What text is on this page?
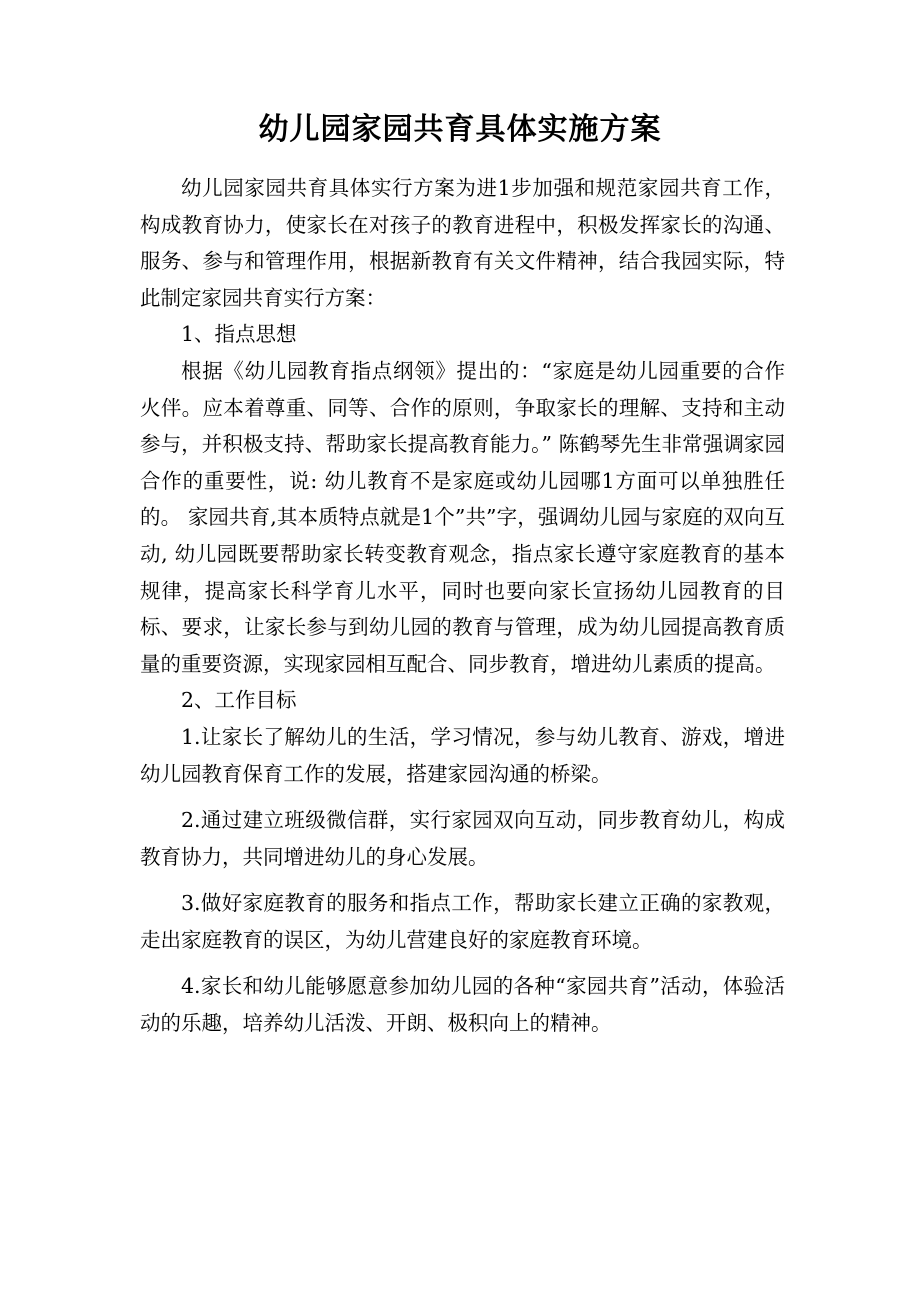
幼儿园家园共育具体实施方案

幼儿园家园共育具体实行方案为进1步加强和规范家园共育工作，构成教育协力，使家长在对孩子的教育进程中，积极发挥家长的沟通、服务、参与和管理作用，根据新教育有关文件精神，结合我园实际，特此制定家园共育实行方案：

1、指点思想

根据《幼儿园教育指点纲领》提出的：“家庭是幼儿园重要的合作火伴。应本着尊重、同等、合作的原则，争取家长的理解、支持和主动参与，并积极支持、帮助家长提高教育能力。” 陈鹤琴先生非常强调家园合作的重要性，说: 幼儿教育不是家庭或幼儿园哪1方面可以单独胜任的。 家园共育,其本质特点就是1个”共”字，强调幼儿园与家庭的双向互动, 幼儿园既要帮助家长转变教育观念，指点家长遵守家庭教育的基本规律，提高家长科学育儿水平，同时也要向家长宣扬幼儿园教育的目标、要求，让家长参与到幼儿园的教育与管理，成为幼儿园提高教育质量的重要资源，实现家园相互配合、同步教育，增进幼儿素质的提高。

2、工作目标

1.让家长了解幼儿的生活，学习情况，参与幼儿教育、游戏，增进幼儿园教育保育工作的发展，搭建家园沟通的桥梁。

2.通过建立班级微信群，实行家园双向互动，同步教育幼儿，构成教育协力，共同增进幼儿的身心发展。

3.做好家庭教育的服务和指点工作，帮助家长建立正确的家教观，走出家庭教育的误区，为幼儿营建良好的家庭教育环境。

4.家长和幼儿能够愿意参加幼儿园的各种“家园共育”活动，体验活动的乐趣，培养幼儿活泼、开朗、极积向上的精神。
